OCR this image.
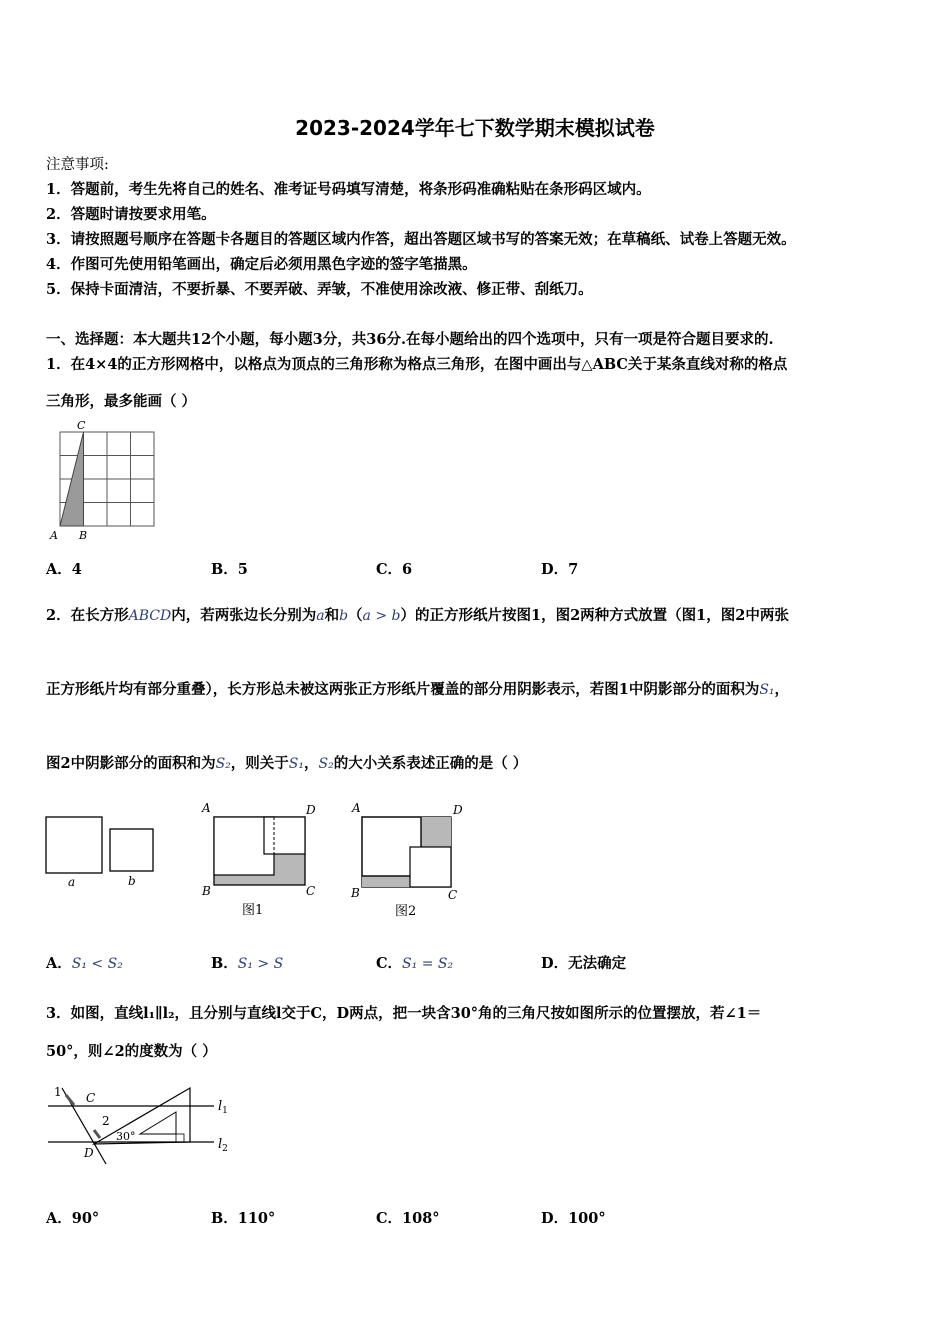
2023-2024学年七下数学期末模拟试卷
注意事项:
1．答题前，考生先将自己的姓名、准考证号码填写清楚，将条形码准确粘贴在条形码区域内。
2．答题时请按要求用笔。
3．请按照题号顺序在答题卡各题目的答题区域内作答，超出答题区域书写的答案无效；在草稿纸、试卷上答题无效。
4．作图可先使用铅笔画出，确定后必须用黑色字迹的签字笔描黑。
5．保持卡面清洁，不要折暴、不要弄破、弄皱，不准使用涂改液、修正带、刮纸刀。
一、选择题：本大题共12个小题，每小题3分，共36分.在每小题给出的四个选项中，只有一项是符合题目要求的.
1．在4×4的正方形网格中，以格点为顶点的三角形称为格点三角形，在图中画出与△ABC关于某条直线对称的格点
三角形，最多能画（ ）
C
A B
A．4	B．5	C．6	D．7
2．在长方形ABCD内，若两张边长分别为a和b（a > b）的正方形纸片按图1，图2两种方式放置（图1，图2中两张
正方形纸片均有部分重叠），长方形总未被这两张正方形纸片覆盖的部分用阴影表示，若图1中阴影部分的面积为S₁，
图2中阴影部分的面积和为S₂，则关于S₁，S₂的大小关系表述正确的是（ ）
a	b
A	D
B	C
图1
A	D
B	C
图2
A．S₁ < S₂	B．S₁ > S	C．S₁ = S₂	D．无法确定
3．如图，直线l₁∥l₂，且分别与直线l交于C，D两点，把一块含30°角的三角尺按如图所示的位置摆放，若∠1＝
50°，则∠2的度数为（ ）
1 C
2
30°
D
$l_1$
$l_2$
A．90°	B．110°	C．108°	D．100°
